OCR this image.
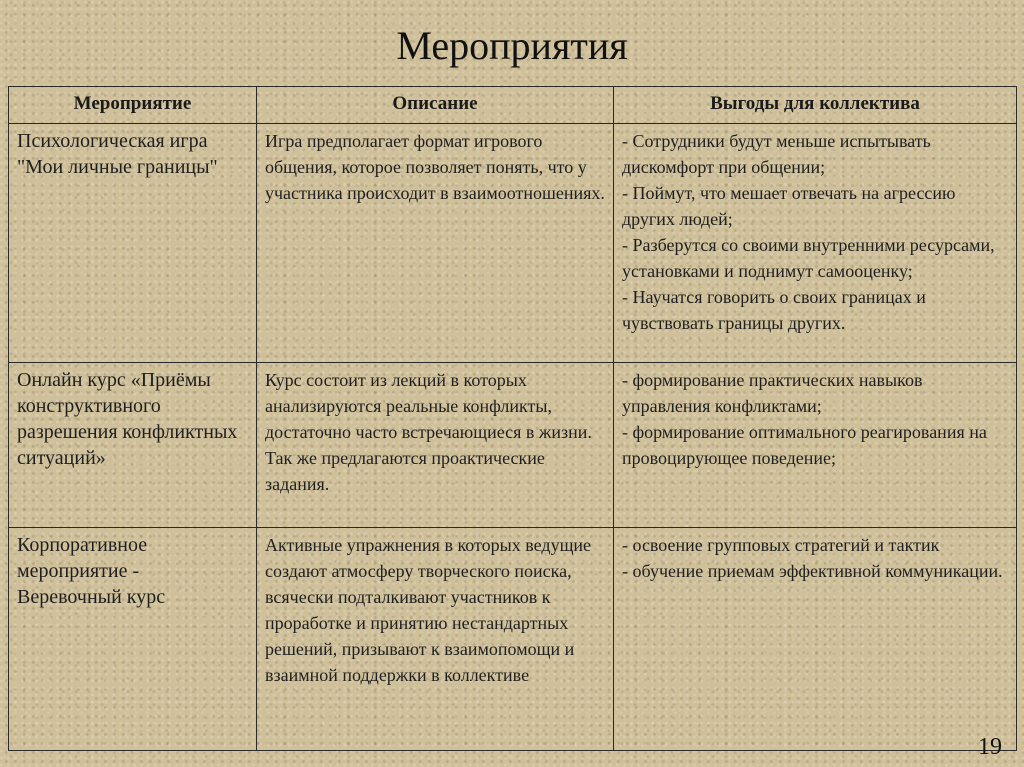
Мероприятия
Мероприятие	Описание	Выгоды для коллектива
Психологическая игра "Мои личные границы"	Игра предполагает формат игрового общения, которое позволяет понять, что у участника происходит в взаимоотношениях.	- Сотрудники будут меньше испытывать дискомфорт при общении;
- Поймут, что мешает отвечать на агрессию других людей;
- Разберутся со своими внутренними ресурсами, установками и поднимут самооценку;
- Научатся говорить о своих границах и чувствовать границы других.

Онлайн курс «Приёмы конструктивного разрешения конфликтных ситуаций»	Курс состоит из лекций в которых анализируются реальные конфликты, достаточно часто встречающиеся в жизни. Так же предлагаются проактические задания.	- формирование практических навыков управления конфликтами;
- формирование оптимального реагирования на провоцирующее поведение;

Корпоративное мероприятие - Веревочный курс	Активные упражнения в которых ведущие создают атмосферу творческого поиска, всячески подталкивают участников к проработке и принятию нестандартных решений, призывают к взаимопомощи и взаимной поддержки в коллективе	- освоение групповых стратегий и тактик
- обучение приемам эффективной коммуникации.
19
